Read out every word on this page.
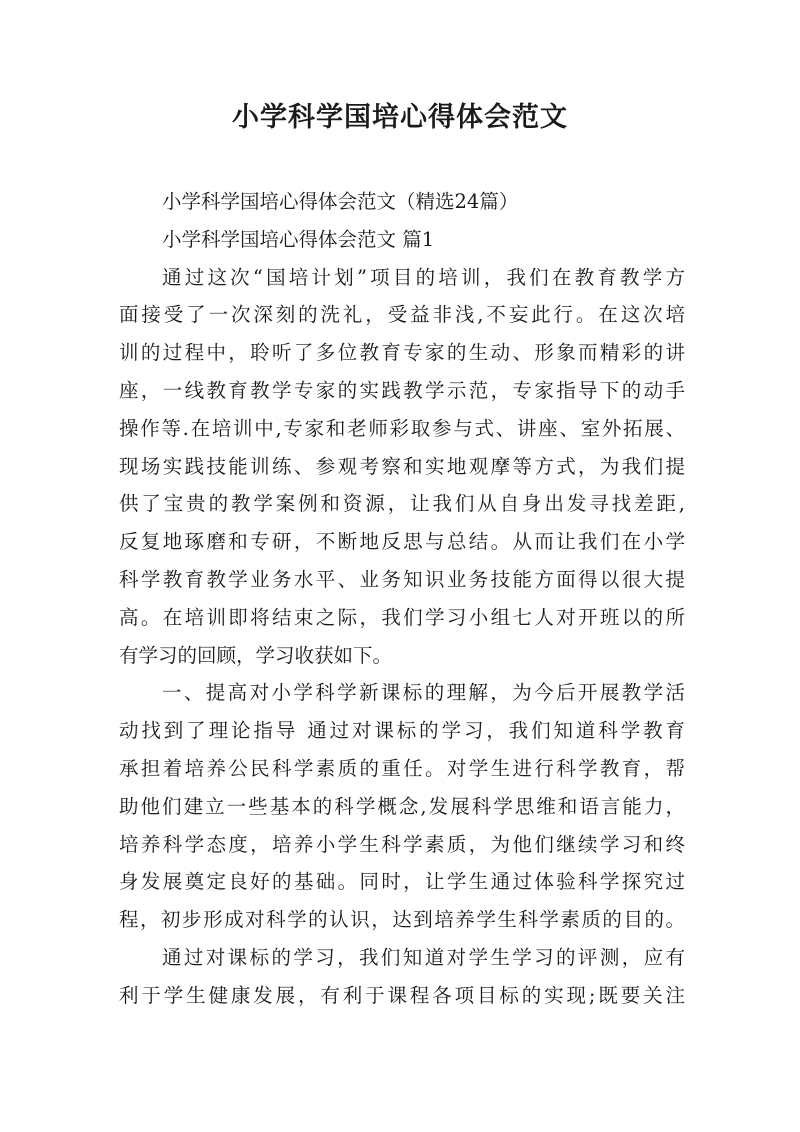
小学科学国培心得体会范文
小学科学国培心得体会范文（精选24篇）
小学科学国培心得体会范文 篇1
通过这次“国培计划”项目的培训，我们在教育教学方
面接受了一次深刻的洗礼，受益非浅,不妄此行。在这次培
训的过程中，聆听了多位教育专家的生动、形象而精彩的讲
座，一线教育教学专家的实践教学示范，专家指导下的动手
操作等.在培训中,专家和老师彩取参与式、讲座、室外拓展、
现场实践技能训练、参观考察和实地观摩等方式，为我们提
供了宝贵的教学案例和资源，让我们从自身出发寻找差距,
反复地琢磨和专研，不断地反思与总结。从而让我们在小学
科学教育教学业务水平、业务知识业务技能方面得以很大提
高。在培训即将结束之际，我们学习小组七人对开班以的所
有学习的回顾，学习收获如下。
一、提高对小学科学新课标的理解，为今后开展教学活
动找到了理论指导 通过对课标的学习，我们知道科学教育
承担着培养公民科学素质的重任。对学生进行科学教育，帮
助他们建立一些基本的科学概念,发展科学思维和语言能力，
培养科学态度，培养小学生科学素质，为他们继续学习和终
身发展奠定良好的基础。同时，让学生通过体验科学探究过
程，初步形成对科学的认识，达到培养学生科学素质的目的。
通过对课标的学习，我们知道对学生学习的评测，应有
利于学生健康发展，有利于课程各项目标的实现;既要关注
